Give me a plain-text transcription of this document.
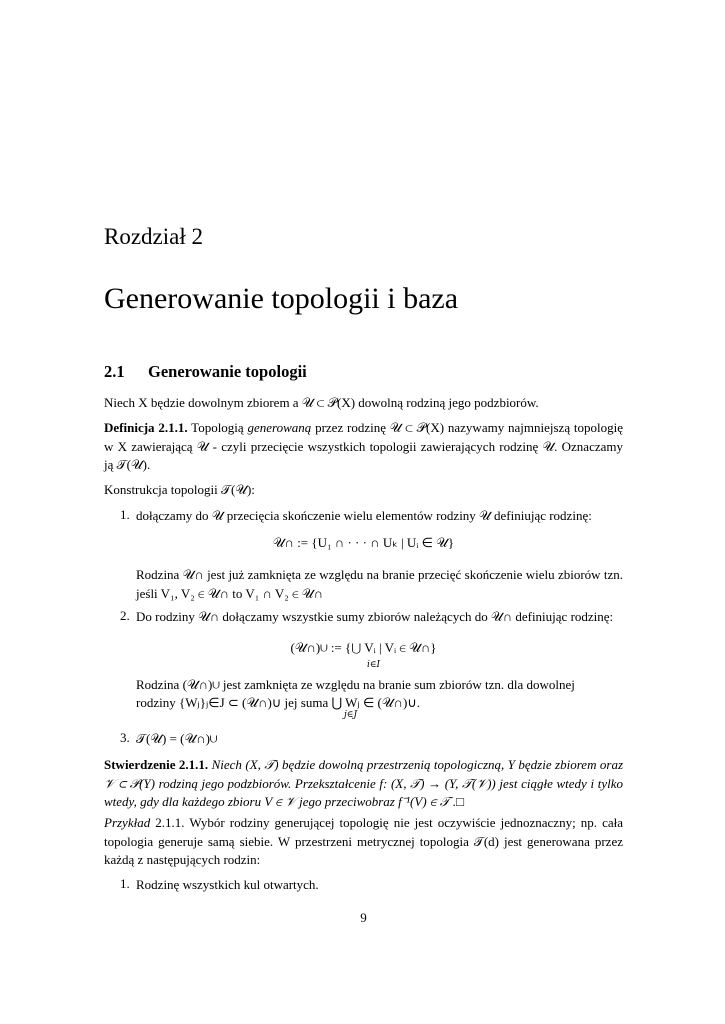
Rozdział 2
Generowanie topologii i baza
2.1 Generowanie topologii
Niech X będzie dowolnym zbiorem a 𝒰 ⊂ 𝒫(X) dowolną rodziną jego podzbiorów.
Definicja 2.1.1. Topologią generowaną przez rodzinę 𝒰 ⊂ 𝒫(X) nazywamy najmniejszą topologię w X zawierającą 𝒰 - czyli przecięcie wszystkich topologii zawierających rodzinę 𝒰. Oznaczamy ją 𝒯(𝒰).
Konstrukcja topologii 𝒯(𝒰):
1. dołączamy do 𝒰 przecięcia skończenie wielu elementów rodziny 𝒰 definiując rodzinę:
𝒰∩ := {U₁ ∩ · · · ∩ Uₖ | Uᵢ ∈ 𝒰}
Rodzina 𝒰∩ jest już zamknięta ze względu na branie przecięć skończenie wielu zbiorów tzn. jeśli V₁, V₂ ∈ 𝒰∩ to V₁ ∩ V₂ ∈ 𝒰∩
2. Do rodziny 𝒰∩ dołączamy wszystkie sumy zbiorów należących do 𝒰∩ definiując rodzinę:
(𝒰∩)∪ := {⋃ Vᵢ | Vᵢ ∈ 𝒰∩}
i∈I
Rodzina (𝒰∩)∪ jest zamknięta ze względu na branie sum zbiorów tzn. dla dowolnej
rodziny {Wⱼ}ⱼ∈J ⊂ (𝒰∩)∪ jej suma ⋃ Wⱼ ∈ (𝒰∩)∪.
j∈J
3. 𝒯(𝒰) = (𝒰∩)∪
Stwierdzenie 2.1.1. Niech (X, 𝒯) będzie dowolną przestrzenią topologiczną, Y będzie zbiorem oraz 𝒱 ⊂ 𝒫(Y) rodziną jego podzbiorów. Przekształcenie f: (X, 𝒯) → (Y, 𝒯(𝒱)) jest ciągłe wtedy i tylko wtedy, gdy dla każdego zbioru V ∈ 𝒱 jego przeciwobraz f⁻¹(V) ∈ 𝒯 .□
Przykład 2.1.1. Wybór rodziny generującej topologię nie jest oczywiście jednoznaczny; np. cała topologia generuje samą siebie. W przestrzeni metrycznej topologia 𝒯(d) jest generowana przez każdą z następujących rodzin:
1. Rodzinę wszystkich kul otwartych.
9
